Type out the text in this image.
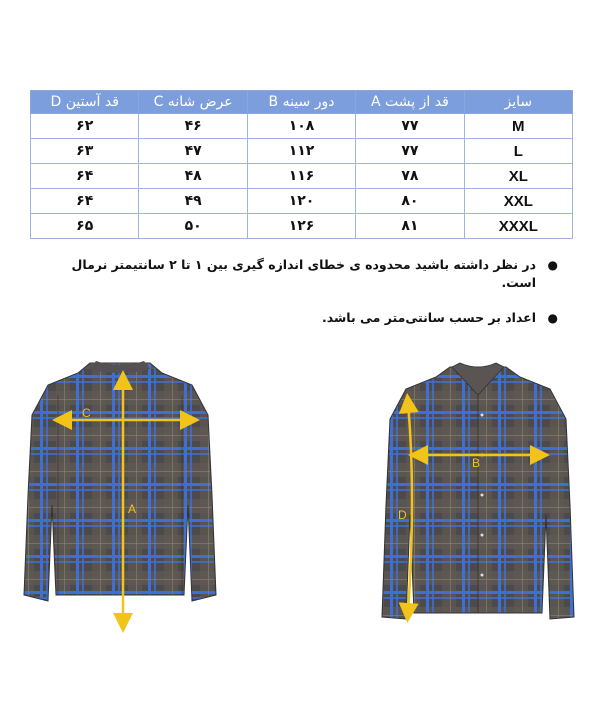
سایز	قد از پشت A	دور سینه B	عرض شانه C	قد آستین D
M	۷۷	۱۰۸	۴۶	۶۲
L	۷۷	۱۱۲	۴۷	۶۳
XL	۷۸	۱۱۶	۴۸	۶۴
XXL	۸۰	۱۲۰	۴۹	۶۴
XXXL	۸۱	۱۲۶	۵۰	۶۵
●
در نظر داشته باشید محدوده ی خطای اندازه گیری بین ۱ تا ۲ سانتیمتر نرمال است.
●
اعداد بر حسب سانتی‌متر می باشد.
C
A
B
D
